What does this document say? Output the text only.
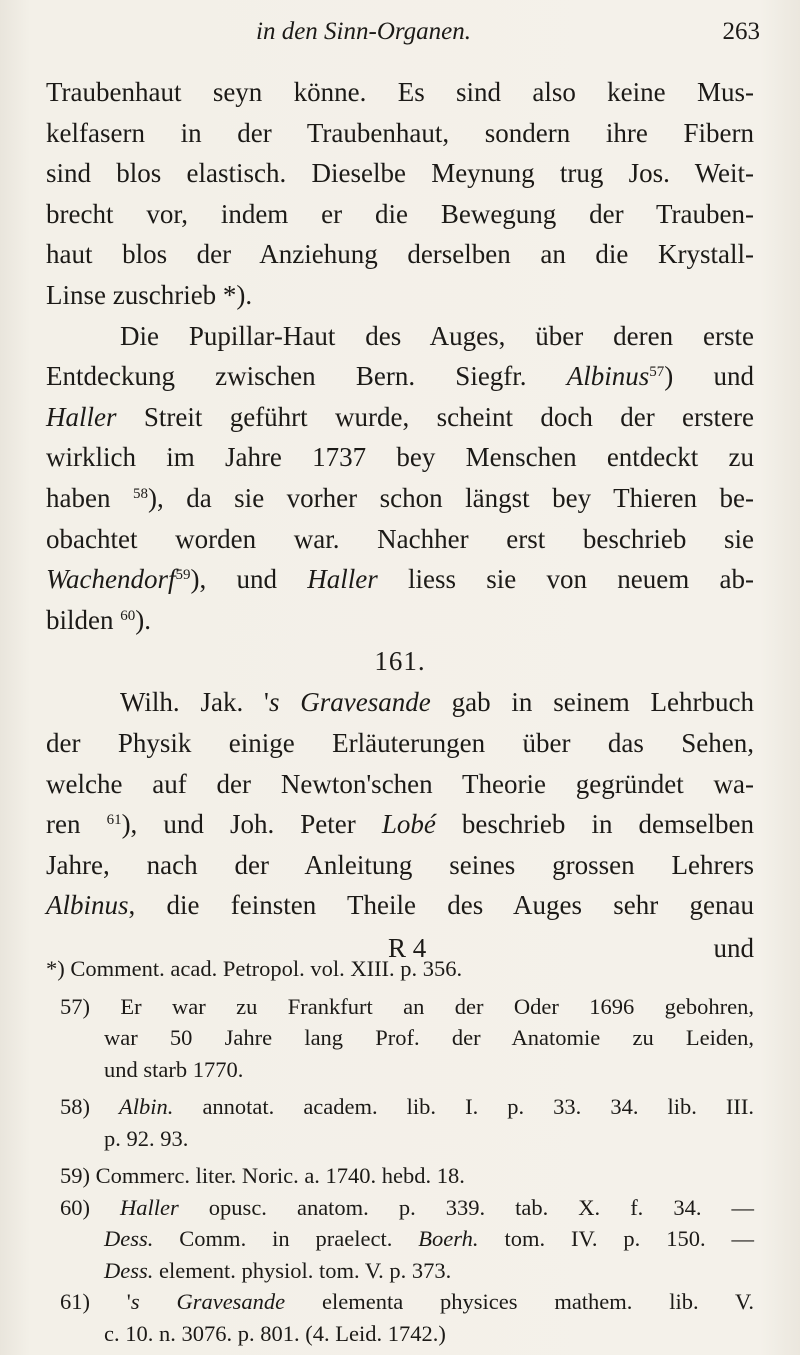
in den Sinn-Organen.	263
Traubenhaut seyn könne. Es sind also keine Mus-
kelfasern in der Traubenhaut, sondern ihre Fibern
sind blos elastisch. Dieselbe Meynung trug Jos. Weit-
brecht vor, indem er die Bewegung der Trauben-
haut blos der Anziehung derselben an die Krystall-
Linse zuschrieb *).
Die Pupillar-Haut des Auges, über deren erste
Entdeckung zwischen Bern. Siegfr. Albinus$^{57}$) und
Haller Streit geführt wurde, scheint doch der erstere
wirklich im Jahre 1737 bey Menschen entdeckt zu
haben $^{58}$), da sie vorher schon längst bey Thieren be-
obachtet worden war. Nachher erst beschrieb sie
Wachendorf$^{59}$), und Haller liess sie von neuem ab-
bilden $^{60}$).
161.
Wilh. Jak. 's Gravesande gab in seinem Lehrbuch
der Physik einige Erläuterungen über das Sehen,
welche auf der Newton'schen Theorie gegründet wa-
ren $^{61}$), und Joh. Peter Lobé beschrieb in demselben
Jahre, nach der Anleitung seines grossen Lehrers
Albinus, die feinsten Theile des Auges sehr genau
R 4	und
*) Comment. acad. Petropol. vol. XIII. p. 356.
57) Er war zu Frankfurt an der Oder 1696 gebohren,
war 50 Jahre lang Prof. der Anatomie zu Leiden,
und starb 1770.
58) Albin. annotat. academ. lib. I. p. 33. 34. lib. III.
p. 92. 93.
59) Commerc. liter. Noric. a. 1740. hebd. 18.
60) Haller opusc. anatom. p. 339. tab. X. f. 34. —
Dess. Comm. in praelect. Boerh. tom. IV. p. 150. —
Dess. element. physiol. tom. V. p. 373.
61) 's Gravesande elementa physices mathem. lib. V.
c. 10. n. 3076. p. 801. (4. Leid. 1742.)
